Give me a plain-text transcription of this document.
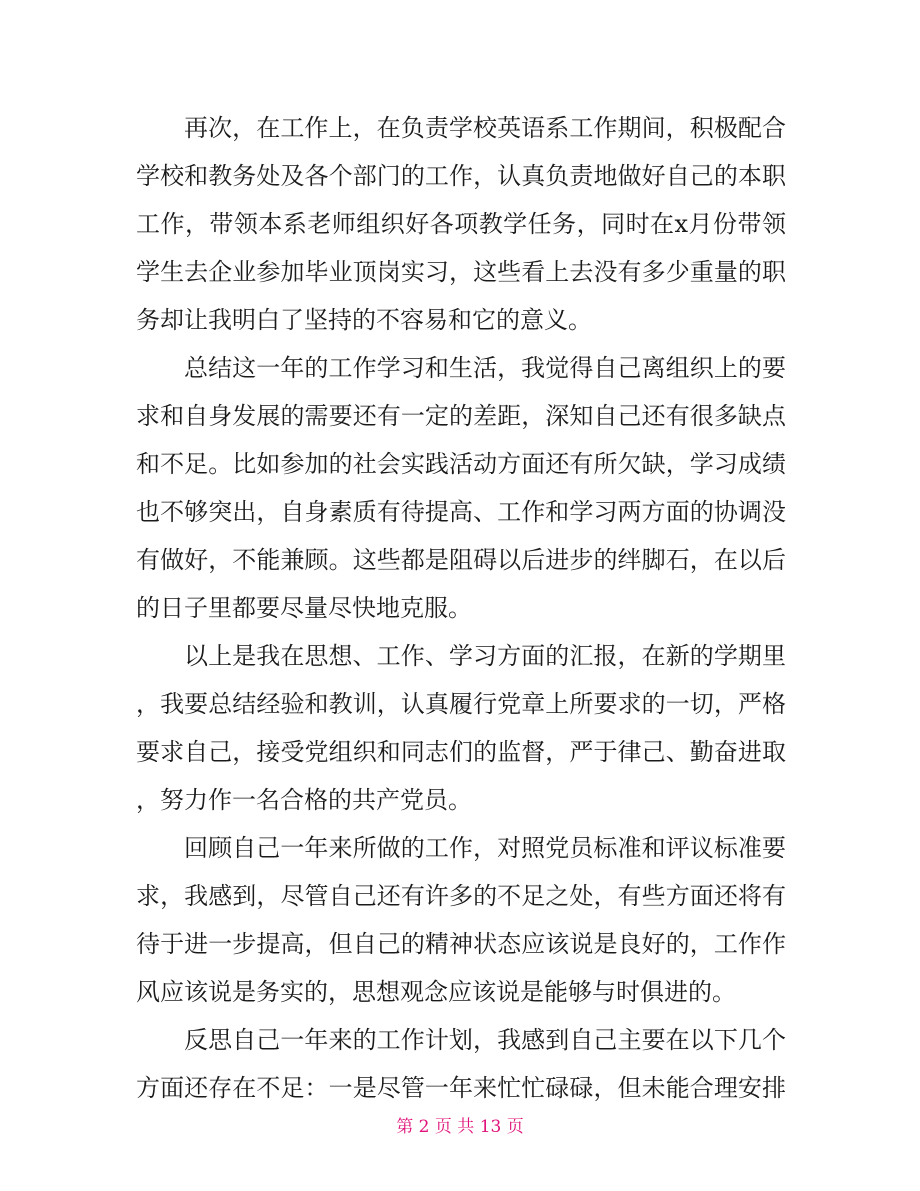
再次，在工作上，在负责学校英语系工作期间，积极配合
学校和教务处及各个部门的工作，认真负责地做好自己的本职
工作，带领本系老师组织好各项教学任务，同时在x月份带领
学生去企业参加毕业顶岗实习，这些看上去没有多少重量的职
务却让我明白了坚持的不容易和它的意义。
总结这一年的工作学习和生活，我觉得自己离组织上的要
求和自身发展的需要还有一定的差距，深知自己还有很多缺点
和不足。比如参加的社会实践活动方面还有所欠缺，学习成绩
也不够突出，自身素质有待提高、工作和学习两方面的协调没
有做好，不能兼顾。这些都是阻碍以后进步的绊脚石，在以后
的日子里都要尽量尽快地克服。
以上是我在思想、工作、学习方面的汇报，在新的学期里
，我要总结经验和教训，认真履行党章上所要求的一切，严格
要求自己，接受党组织和同志们的监督，严于律己、勤奋进取
，努力作一名合格的共产党员。
回顾自己一年来所做的工作，对照党员标准和评议标准要
求，我感到，尽管自己还有许多的不足之处，有些方面还将有
待于进一步提高，但自己的精神状态应该说是良好的，工作作
风应该说是务实的，思想观念应该说是能够与时俱进的。
反思自己一年来的工作计划，我感到自己主要在以下几个
方面还存在不足：一是尽管一年来忙忙碌碌，但未能合理安排
第 2 页 共 13 页
